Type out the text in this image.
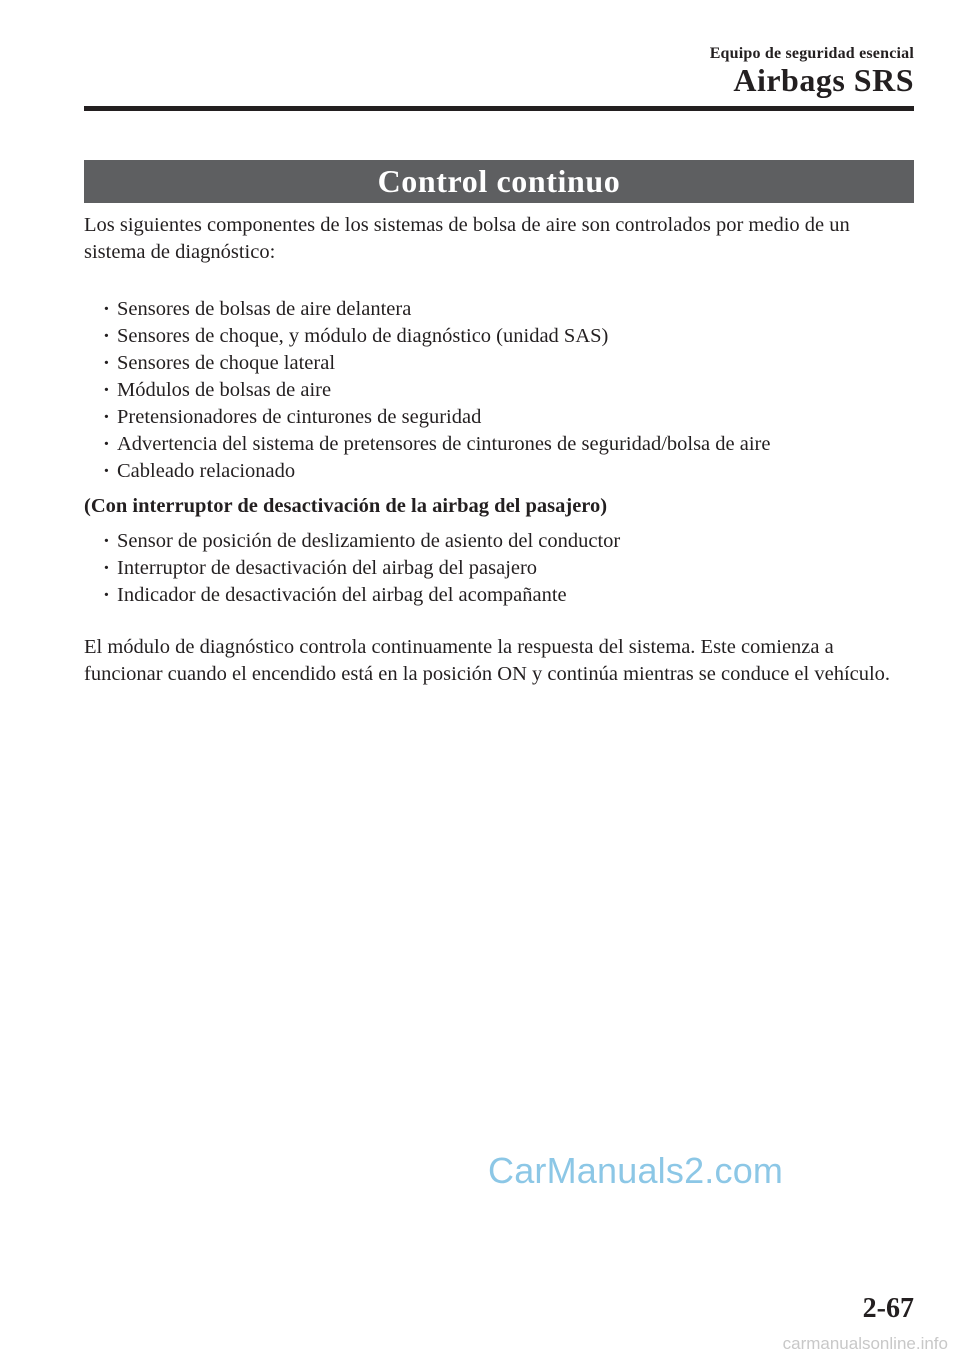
Equipo de seguridad esencial
Airbags SRS
Control continuo

Los siguientes componentes de los sistemas de bolsa de aire son controlados por medio de un sistema de diagnóstico:

· Sensores de bolsas de aire delantera
· Sensores de choque, y módulo de diagnóstico (unidad SAS)
· Sensores de choque lateral
· Módulos de bolsas de aire
· Pretensionadores de cinturones de seguridad
· Advertencia del sistema de pretensores de cinturones de seguridad/bolsa de aire
· Cableado relacionado
(Con interruptor de desactivación de la airbag del pasajero)
· Sensor de posición de deslizamiento de asiento del conductor
· Interruptor de desactivación del airbag del pasajero
· Indicador de desactivación del airbag del acompañante

El módulo de diagnóstico controla continuamente la respuesta del sistema. Este comienza a funcionar cuando el encendido está en la posición ON y continúa mientras se conduce el vehículo.

CarManuals2.com
2-67
carmanualsonline.info
